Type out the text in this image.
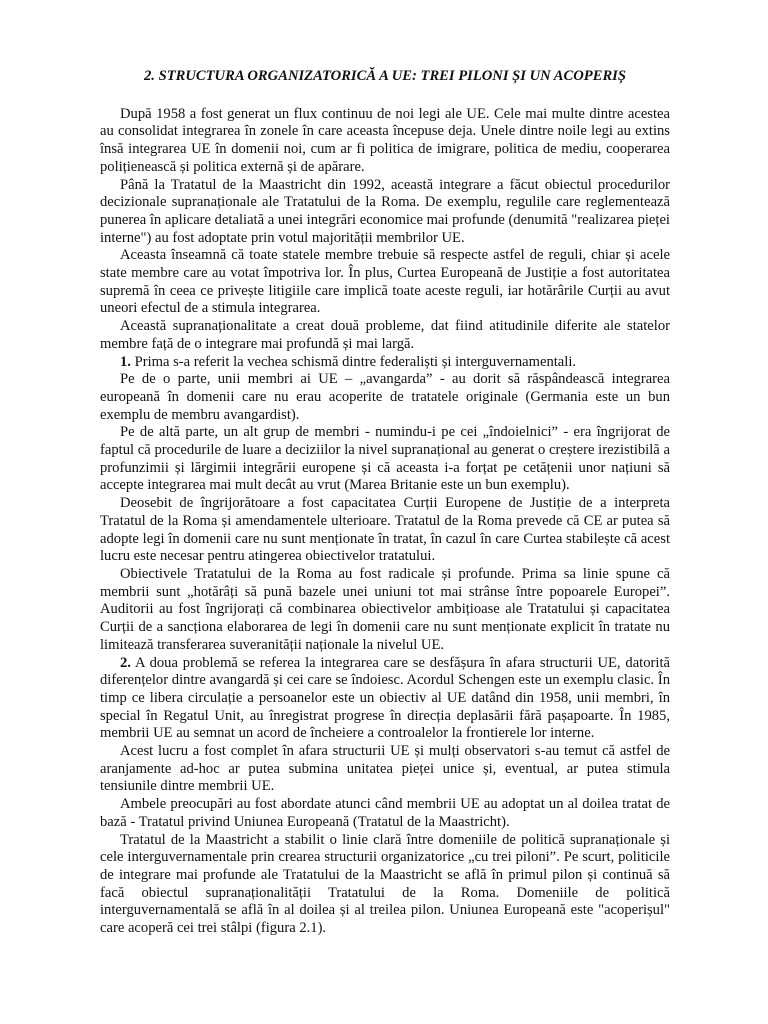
2. STRUCTURA ORGANIZATORICĂ A UE: TREI PILONI ȘI UN ACOPERIȘ

După 1958 a fost generat un flux continuu de noi legi ale UE. Cele mai multe dintre acestea au consolidat integrarea în zonele în care aceasta începuse deja. Unele dintre noile legi au extins însă integrarea UE în domenii noi, cum ar fi politica de imigrare, politica de mediu, cooperarea polițienească și politica externă și de apărare.

Până la Tratatul de la Maastricht din 1992, această integrare a făcut obiectul procedurilor decizionale supranaționale ale Tratatului de la Roma. De exemplu, regulile care reglementează punerea în aplicare detaliată a unei integrări economice mai profunde (denumită "realizarea pieței interne") au fost adoptate prin votul majorității membrilor UE.

Aceasta înseamnă că toate statele membre trebuie să respecte astfel de reguli, chiar și acele state membre care au votat împotriva lor. În plus, Curtea Europeană de Justiție a fost autoritatea supremă în ceea ce privește litigiile care implică toate aceste reguli, iar hotărârile Curții au avut uneori efectul de a stimula integrarea.

Această supranaționalitate a creat două probleme, dat fiind atitudinile diferite ale statelor membre față de o integrare mai profundă și mai largă.

1. Prima s-a referit la vechea schismă dintre federaliști și interguvernamentali.

Pe de o parte, unii membri ai UE – „avangarda” - au dorit să răspândească integrarea europeană în domenii care nu erau acoperite de tratatele originale (Germania este un bun exemplu de membru avangardist).

Pe de altă parte, un alt grup de membri - numindu-i pe cei „îndoielnici” - era îngrijorat de faptul că procedurile de luare a deciziilor la nivel supranațional au generat o creștere irezistibilă a profunzimii și lărgimii integrării europene și că aceasta i-a forțat pe cetățenii unor națiuni să accepte integrarea mai mult decât au vrut (Marea Britanie este un bun exemplu).

Deosebit de îngrijorătoare a fost capacitatea Curții Europene de Justiție de a interpreta Tratatul de la Roma și amendamentele ulterioare. Tratatul de la Roma prevede că CE ar putea să adopte legi în domenii care nu sunt menționate în tratat, în cazul în care Curtea stabilește că acest lucru este necesar pentru atingerea obiectivelor tratatului.

Obiectivele Tratatului de la Roma au fost radicale și profunde. Prima sa linie spune că membrii sunt „hotărâți să pună bazele unei uniuni tot mai strânse între popoarele Europei”. Auditorii au fost îngrijorați că combinarea obiectivelor ambițioase ale Tratatului și capacitatea Curții de a sancționa elaborarea de legi în domenii care nu sunt menționate explicit în tratate nu limitează transferarea suveranității naționale la nivelul UE.

2. A doua problemă se referea la integrarea care se desfășura în afara structurii UE, datorită diferențelor dintre avangardă și cei care se îndoiesc. Acordul Schengen este un exemplu clasic. În timp ce libera circulație a persoanelor este un obiectiv al UE datând din 1958, unii membri, în special în Regatul Unit, au înregistrat progrese în direcția deplasării fără pașapoarte. În 1985, membrii UE au semnat un acord de încheiere a controalelor la frontierele lor interne.

Acest lucru a fost complet în afara structurii UE și mulți observatori s-au temut că astfel de aranjamente ad-hoc ar putea submina unitatea pieței unice și, eventual, ar putea stimula tensiunile dintre membrii UE.

Ambele preocupări au fost abordate atunci când membrii UE au adoptat un al doilea tratat de bază - Tratatul privind Uniunea Europeană (Tratatul de la Maastricht).

Tratatul de la Maastricht a stabilit o linie clară între domeniile de politică supranaționale și cele interguvernamentale prin crearea structurii organizatorice „cu trei piloni”. Pe scurt, politicile de integrare mai profunde ale Tratatului de la Maastricht se află în primul pilon și continuă să facă obiectul supranaționalității Tratatului de la Roma. Domeniile de politică interguvernamentală se află în al doilea și al treilea pilon. Uniunea Europeană este "acoperișul" care acoperă cei trei stâlpi (figura 2.1).
